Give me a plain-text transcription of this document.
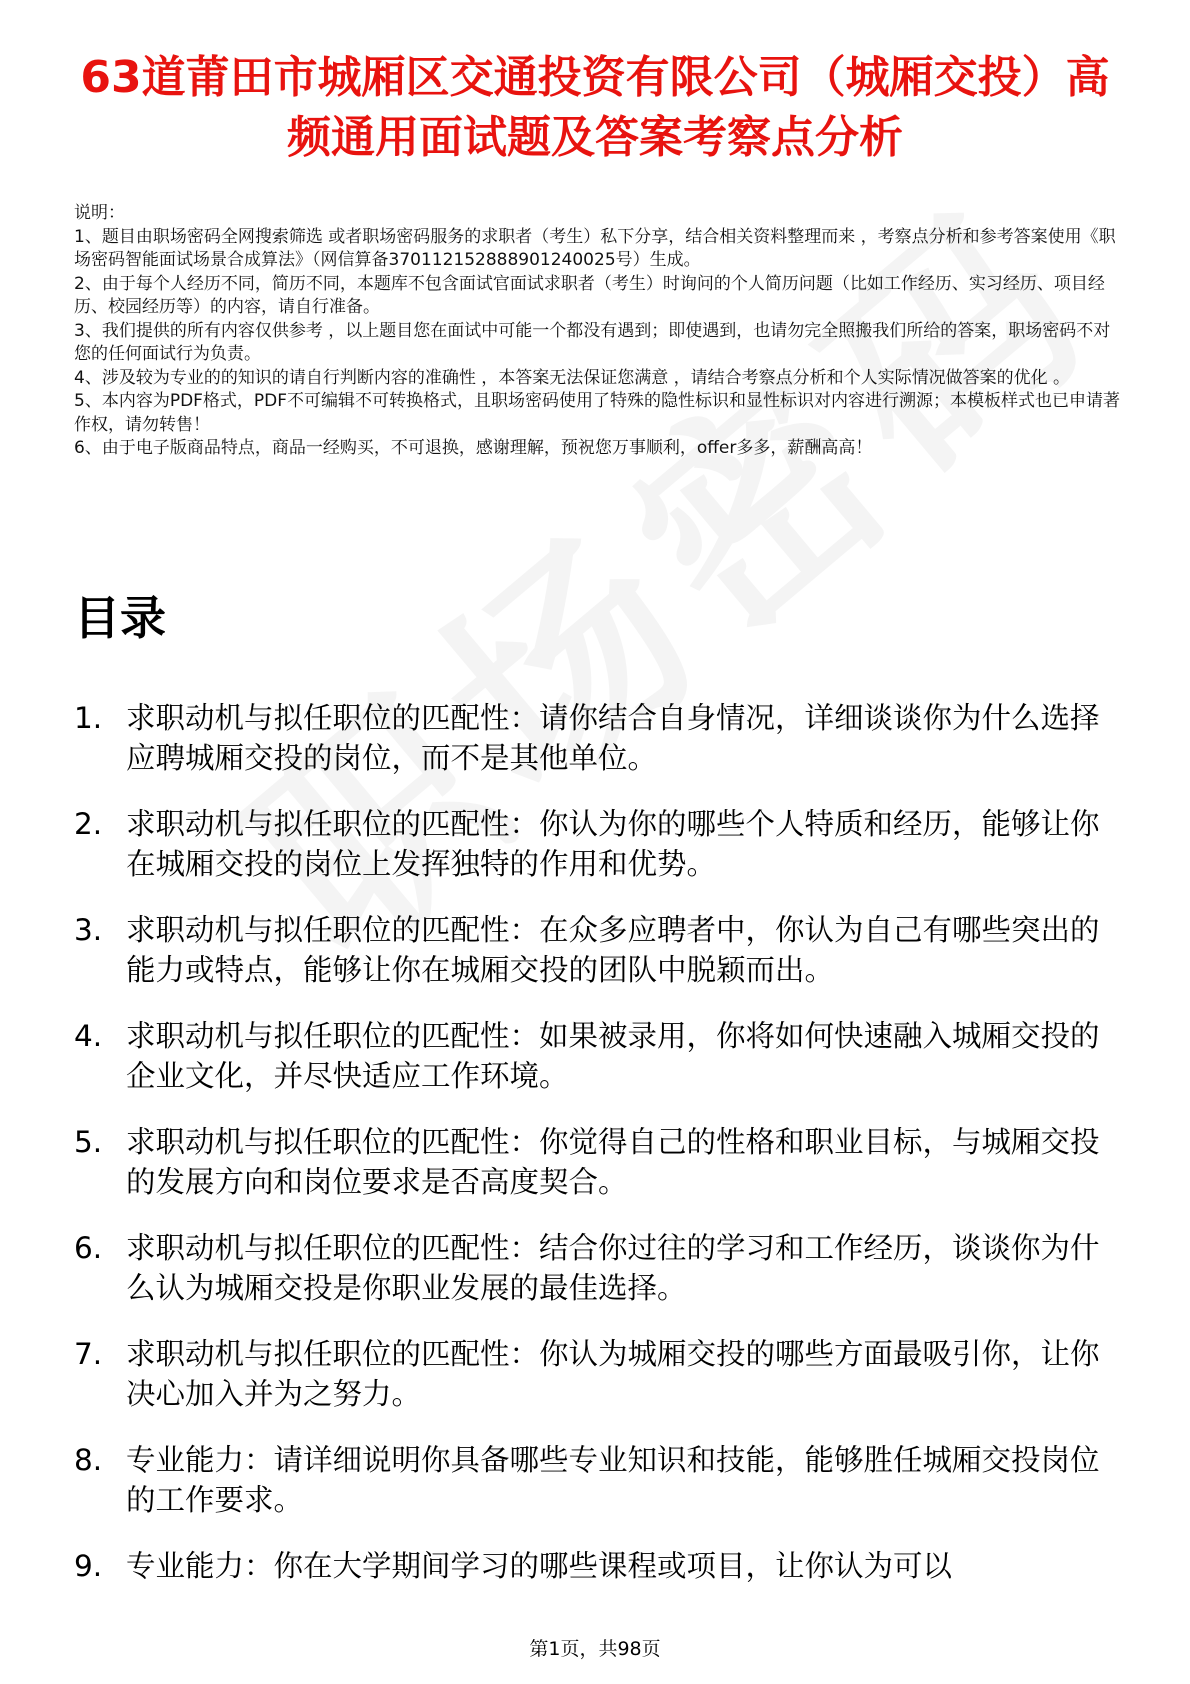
63道莆田市城厢区交通投资有限公司（城厢交投）高频通用面试题及答案考察点分析

说明：

1、题目由职场密码全网搜索筛选 或者职场密码服务的求职者（考生）私下分享，结合相关资料整理而来 ，考察点分析和参考答案使用《职场密码智能面试场景合成算法》（网信算备370112152888901240025号）生成。

2、由于每个人经历不同，简历不同，本题库不包含面试官面试求职者（考生）时询问的个人简历问题（比如工作经历、实习经历、项目经历、校园经历等）的内容，请自行准备。

3、我们提供的所有内容仅供参考 ，以上题目您在面试中可能一个都没有遇到；即使遇到，也请勿完全照搬我们所给的答案，职场密码不对您的任何面试行为负责。

4、涉及较为专业的的知识的请自行判断内容的准确性 ，本答案无法保证您满意 ，请结合考察点分析和个人实际情况做答案的优化 。

5、本内容为PDF格式，PDF不可编辑不可转换格式，且职场密码使用了特殊的隐性标识和显性标识对内容进行溯源；本模板样式也已申请著作权，请勿转售！

6、由于电子版商品特点，商品一经购买，不可退换，感谢理解，预祝您万事顺利，offer多多，薪酬高高！

目录
1. 求职动机与拟任职位的匹配性：请你结合自身情况，详细谈谈你为什么选择应聘城厢交投的岗位，而不是其他单位。
2. 求职动机与拟任职位的匹配性：你认为你的哪些个人特质和经历，能够让你在城厢交投的岗位上发挥独特的作用和优势。
3. 求职动机与拟任职位的匹配性：在众多应聘者中，你认为自己有哪些突出的能力或特点，能够让你在城厢交投的团队中脱颖而出。
4. 求职动机与拟任职位的匹配性：如果被录用，你将如何快速融入城厢交投的企业文化，并尽快适应工作环境。
5. 求职动机与拟任职位的匹配性：你觉得自己的性格和职业目标，与城厢交投的发展方向和岗位要求是否高度契合。
6. 求职动机与拟任职位的匹配性：结合你过往的学习和工作经历，谈谈你为什么认为城厢交投是你职业发展的最佳选择。
7. 求职动机与拟任职位的匹配性：你认为城厢交投的哪些方面最吸引你，让你决心加入并为之努力。
8. 专业能力：请详细说明你具备哪些专业知识和技能，能够胜任城厢交投岗位的工作要求。
9. 专业能力：你在大学期间学习的哪些课程或项目，让你认为可以
第1页，共98页
